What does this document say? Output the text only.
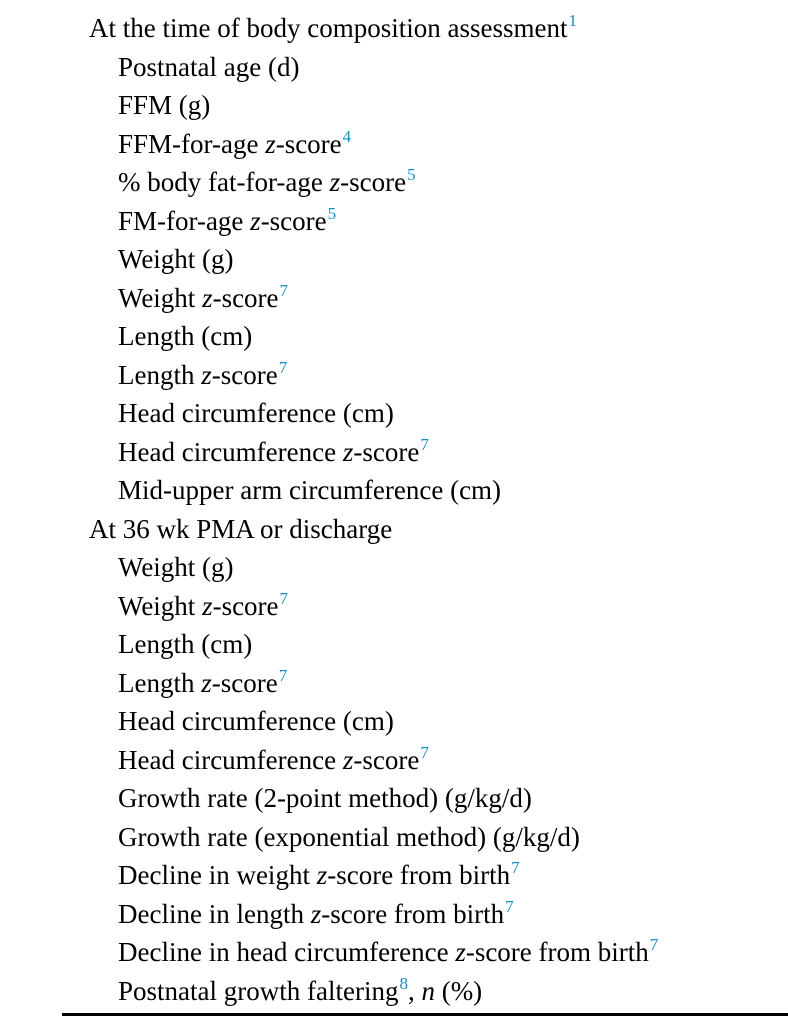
At the time of body composition assessment$^1$
Postnatal age (d)
FFM (g)
FFM-for-age z-score$^4$
% body fat-for-age z-score$^5$
FM-for-age z-score$^5$
Weight (g)
Weight z-score$^7$
Length (cm)
Length z-score$^7$
Head circumference (cm)
Head circumference z-score$^7$
Mid-upper arm circumference (cm)
At 36 wk PMA or discharge
Weight (g)
Weight z-score$^7$
Length (cm)
Length z-score$^7$
Head circumference (cm)
Head circumference z-score$^7$
Growth rate (2-point method) (g/kg/d)
Growth rate (exponential method) (g/kg/d)
Decline in weight z-score from birth$^7$
Decline in length z-score from birth$^7$
Decline in head circumference z-score from birth$^7$
Postnatal growth faltering$^8$, n (%)
